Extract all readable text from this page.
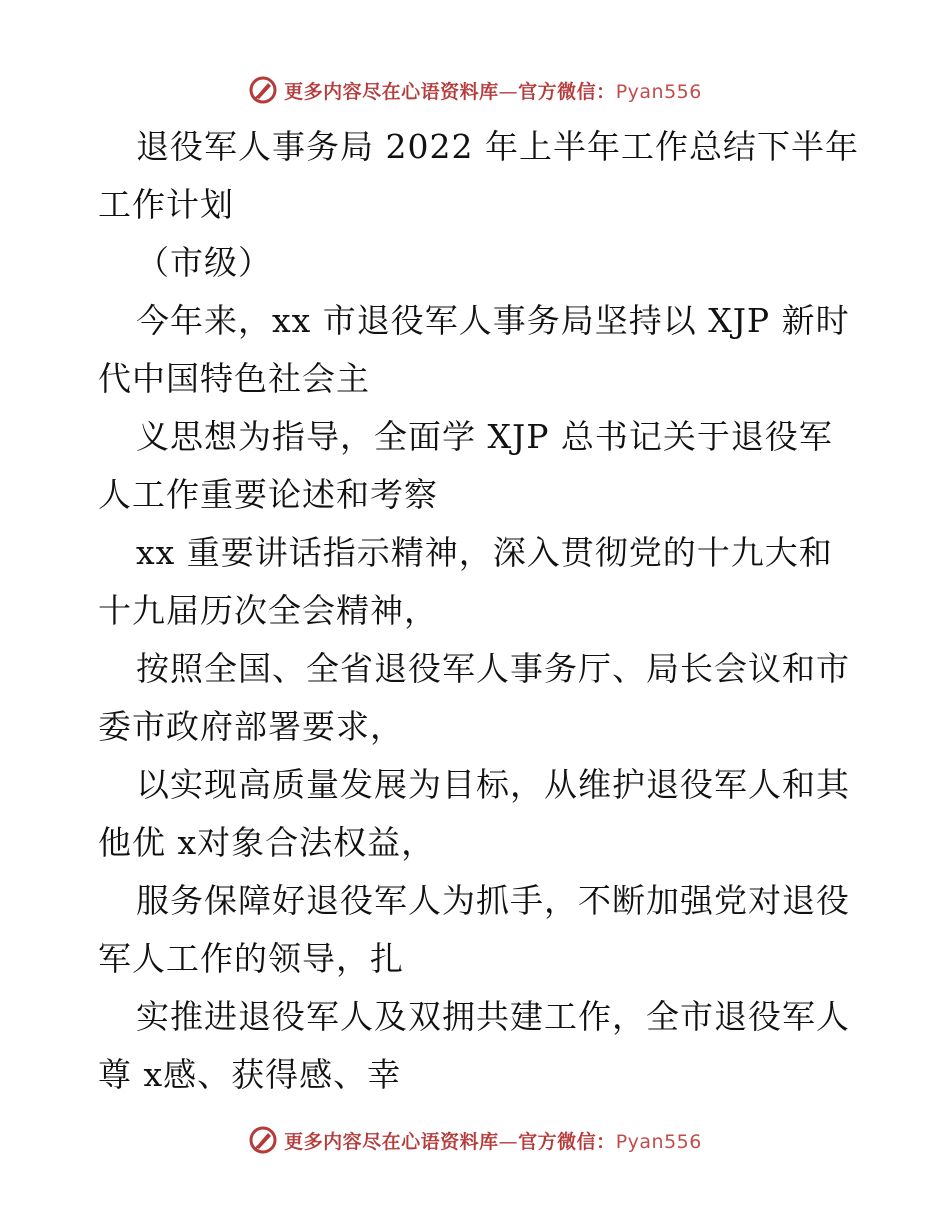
更多内容尽在心语资料库—官方微信：Pyan556
退役军人事务局 2022 年上半年工作总结下半年
工作计划
（市级）
今年来，xx 市退役军人事务局坚持以 XJP 新时
代中国特色社会主
义思想为指导，全面学 XJP 总书记关于退役军
人工作重要论述和考察
xx 重要讲话指示精神，深入贯彻党的十九大和
十九届历次全会精神，
按照全国、全省退役军人事务厅、局长会议和市
委市政府部署要求，
以实现高质量发展为目标，从维护退役军人和其
他优 x对象合法权益，
服务保障好退役军人为抓手，不断加强党对退役
军人工作的领导，扎
实推进退役军人及双拥共建工作，全市退役军人
尊 x感、获得感、幸
更多内容尽在心语资料库—官方微信：Pyan556
